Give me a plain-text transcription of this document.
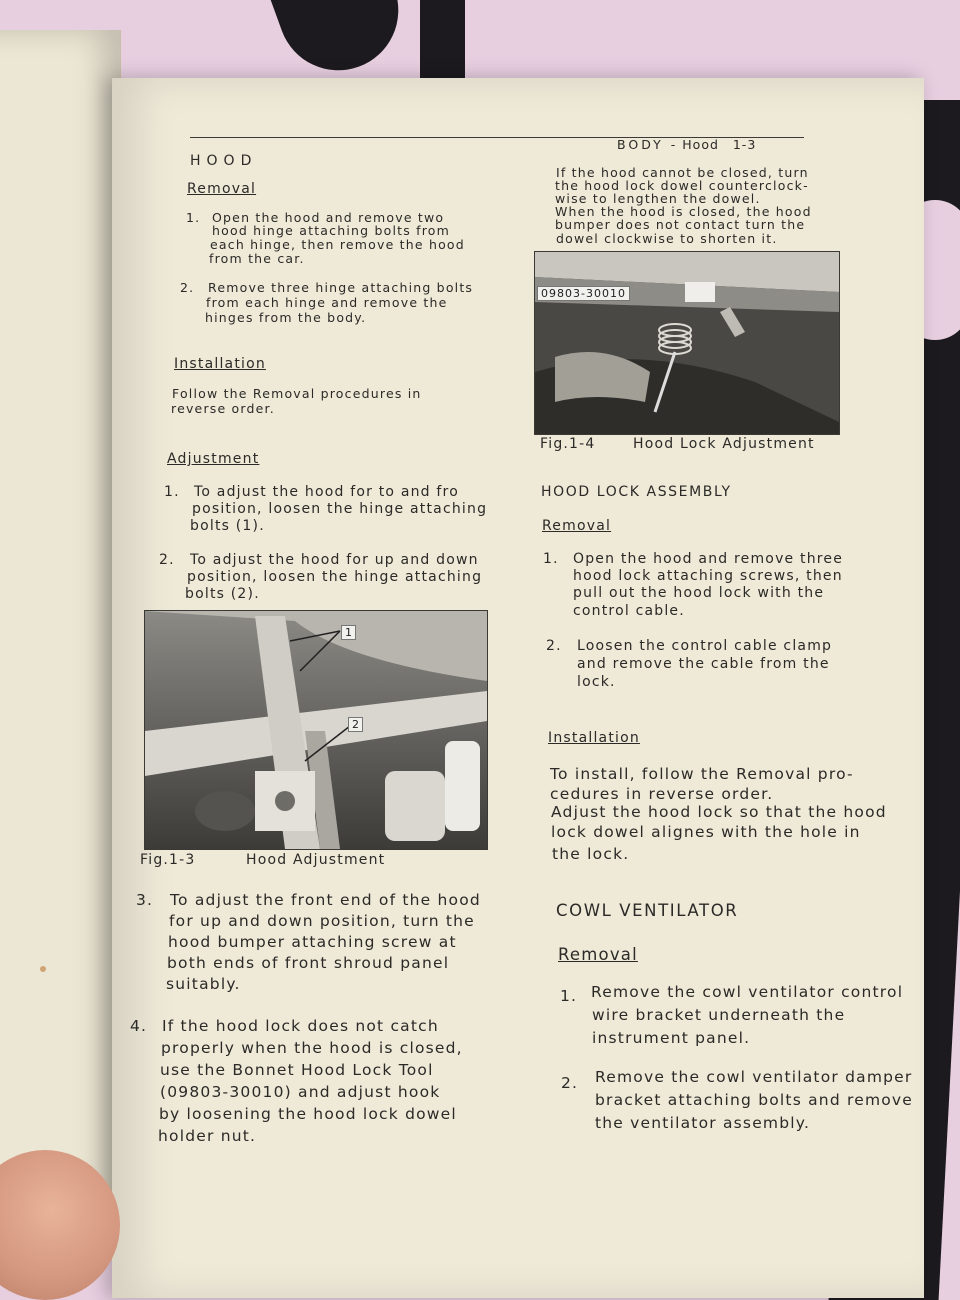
BODY - Hood 1-3
HOOD
Removal
1. Open the hood and remove two
hood hinge attaching bolts from
each hinge, then remove the hood
from the car.
2. Remove three hinge attaching bolts
from each hinge and remove the
hinges from the body.
Installation
Follow the Removal procedures in
reverse order.
Adjustment
1. To adjust the hood for to and fro
position, loosen the hinge attaching
bolts (1).
2. To adjust the hood for up and down
position, loosen the hinge attaching
bolts (2).
1
2
Fig.1-3	Hood Adjustment
3. To adjust the front end of the hood
for up and down position, turn the
hood bumper attaching screw at
both ends of front shroud panel
suitably.
4. If the hood lock does not catch
properly when the hood is closed,
use the Bonnet Hood Lock Tool
(09803-30010) and adjust hook
by loosening the hood lock dowel
holder nut.
If the hood cannot be closed, turn
the hood lock dowel counterclock-
wise to lengthen the dowel.
When the hood is closed, the hood
bumper does not contact turn the
dowel clockwise to shorten it.
09803-30010
Fig.1-4	Hood Lock Adjustment
HOOD LOCK ASSEMBLY
Removal
1. Open the hood and remove three
hood lock attaching screws, then
pull out the hood lock with the
control cable.
2. Loosen the control cable clamp
and remove the cable from the
lock.
Installation
To install, follow the Removal pro-
cedures in reverse order.
Adjust the hood lock so that the hood
lock dowel alignes with the hole in
the lock.
COWL VENTILATOR
Removal
1. Remove the cowl ventilator control
wire bracket underneath the
instrument panel.
2. Remove the cowl ventilator damper
bracket attaching bolts and remove
the ventilator assembly.
